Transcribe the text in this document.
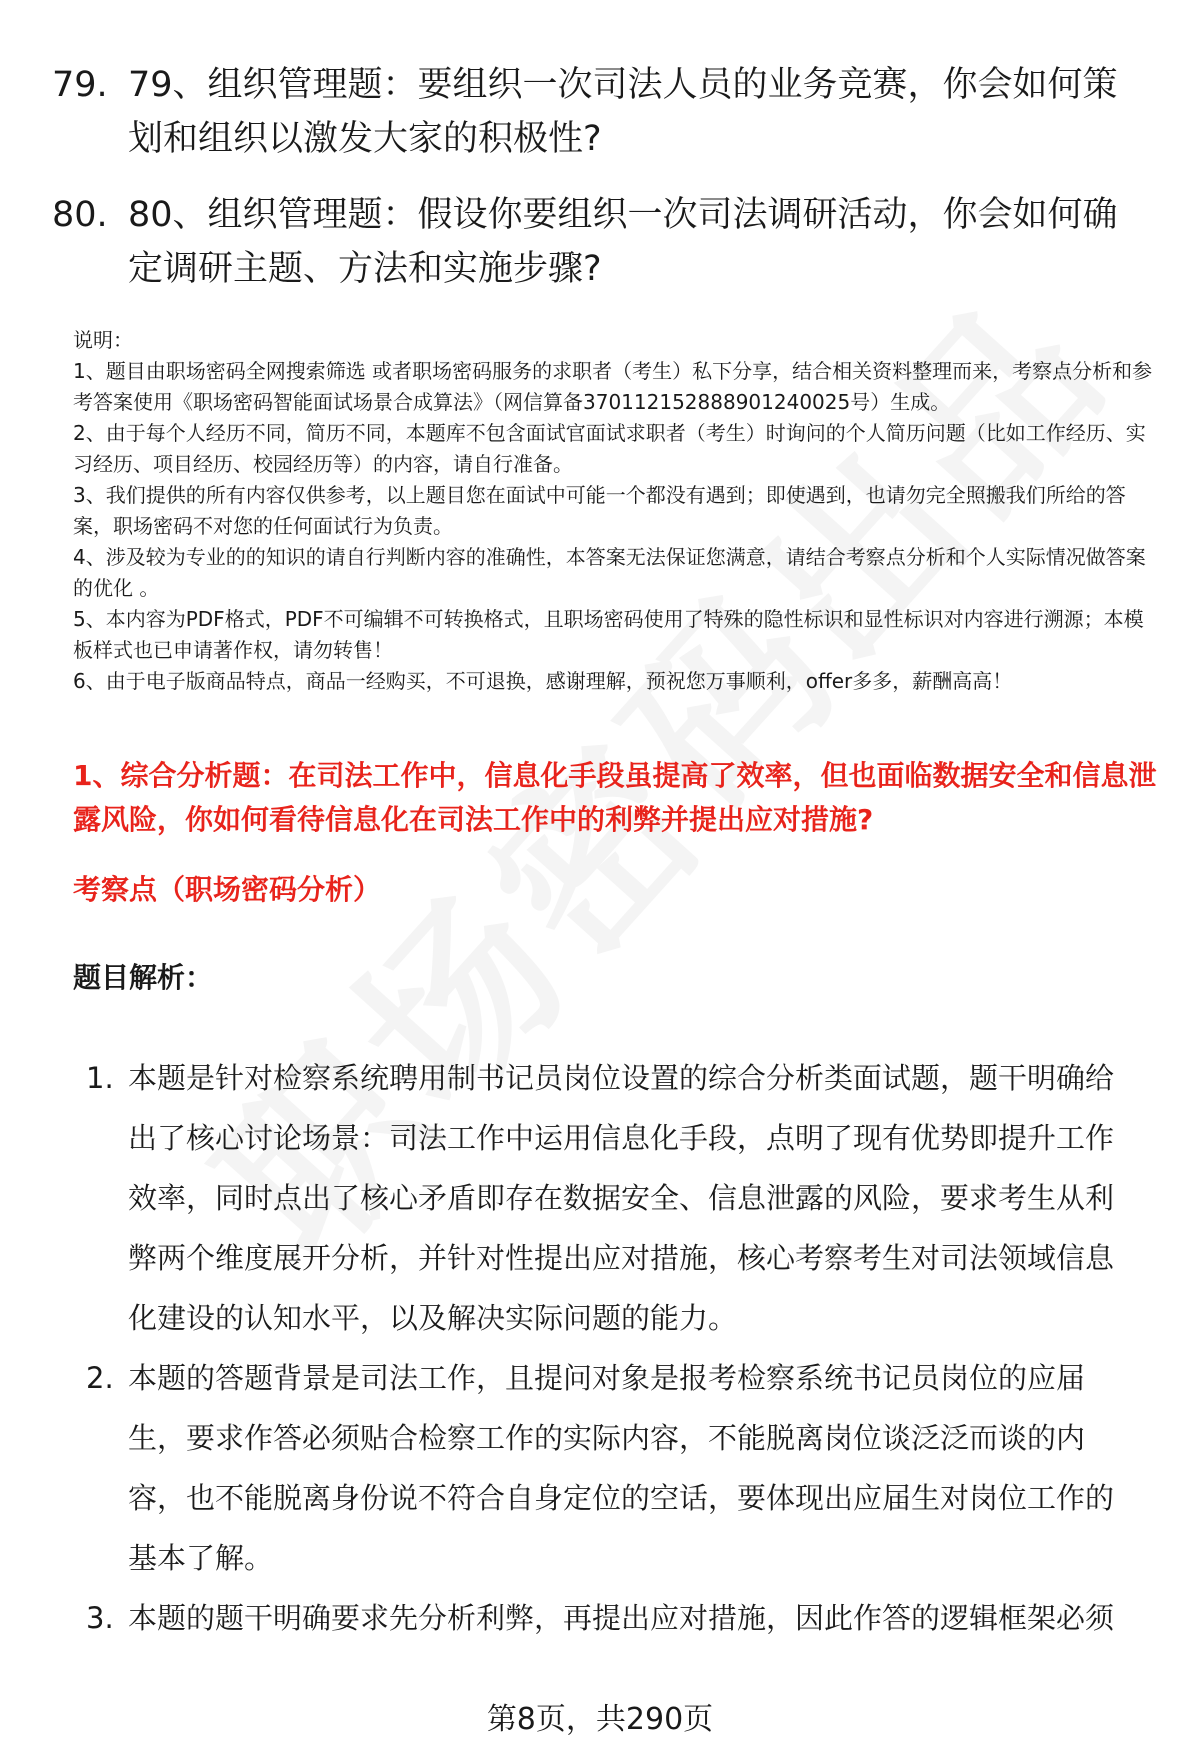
79. 79、组织管理题：要组织一次司法人员的业务竞赛，你会如何策划和组织以激发大家的积极性?
80. 80、组织管理题：假设你要组织一次司法调研活动，你会如何确定调研主题、方法和实施步骤?

说明：

1、题目由职场密码全网搜索筛选 或者职场密码服务的求职者（考生）私下分享，结合相关资料整理而来，考察点分析和参考答案使用《职场密码智能面试场景合成算法》（网信算备370112152888901240025号）生成。

2、由于每个人经历不同，简历不同，本题库不包含面试官面试求职者（考生）时询问的个人简历问题（比如工作经历、实习经历、项目经历、校园经历等）的内容，请自行准备。

3、我们提供的所有内容仅供参考，以上题目您在面试中可能一个都没有遇到；即使遇到，也请勿完全照搬我们所给的答案，职场密码不对您的任何面试行为负责。

4、涉及较为专业的的知识的请自行判断内容的准确性，本答案无法保证您满意，请结合考察点分析和个人实际情况做答案的优化 。

5、本内容为PDF格式，PDF不可编辑不可转换格式，且职场密码使用了特殊的隐性标识和显性标识对内容进行溯源；本模板样式也已申请著作权，请勿转售！

6、由于电子版商品特点，商品一经购买，不可退换，感谢理解，预祝您万事顺利，offer多多，薪酬高高！

1、综合分析题：在司法工作中，信息化手段虽提高了效率，但也面临数据安全和信息泄露风险，你如何看待信息化在司法工作中的利弊并提出应对措施?
考察点（职场密码分析）
题目解析：
1. 本题是针对检察系统聘用制书记员岗位设置的综合分析类面试题，题干明确给出了核心讨论场景：司法工作中运用信息化手段，点明了现有优势即提升工作效率，同时点出了核心矛盾即存在数据安全、信息泄露的风险，要求考生从利弊两个维度展开分析，并针对性提出应对措施，核心考察考生对司法领域信息化建设的认知水平，以及解决实际问题的能力。
2. 本题的答题背景是司法工作，且提问对象是报考检察系统书记员岗位的应届生，要求作答必须贴合检察工作的实际内容，不能脱离岗位谈泛泛而谈的内容，也不能脱离身份说不符合自身定位的空话，要体现出应届生对岗位工作的基本了解。
3. 本题的题干明确要求先分析利弊，再提出应对措施，因此作答的逻辑框架必须
第8页，共290页
